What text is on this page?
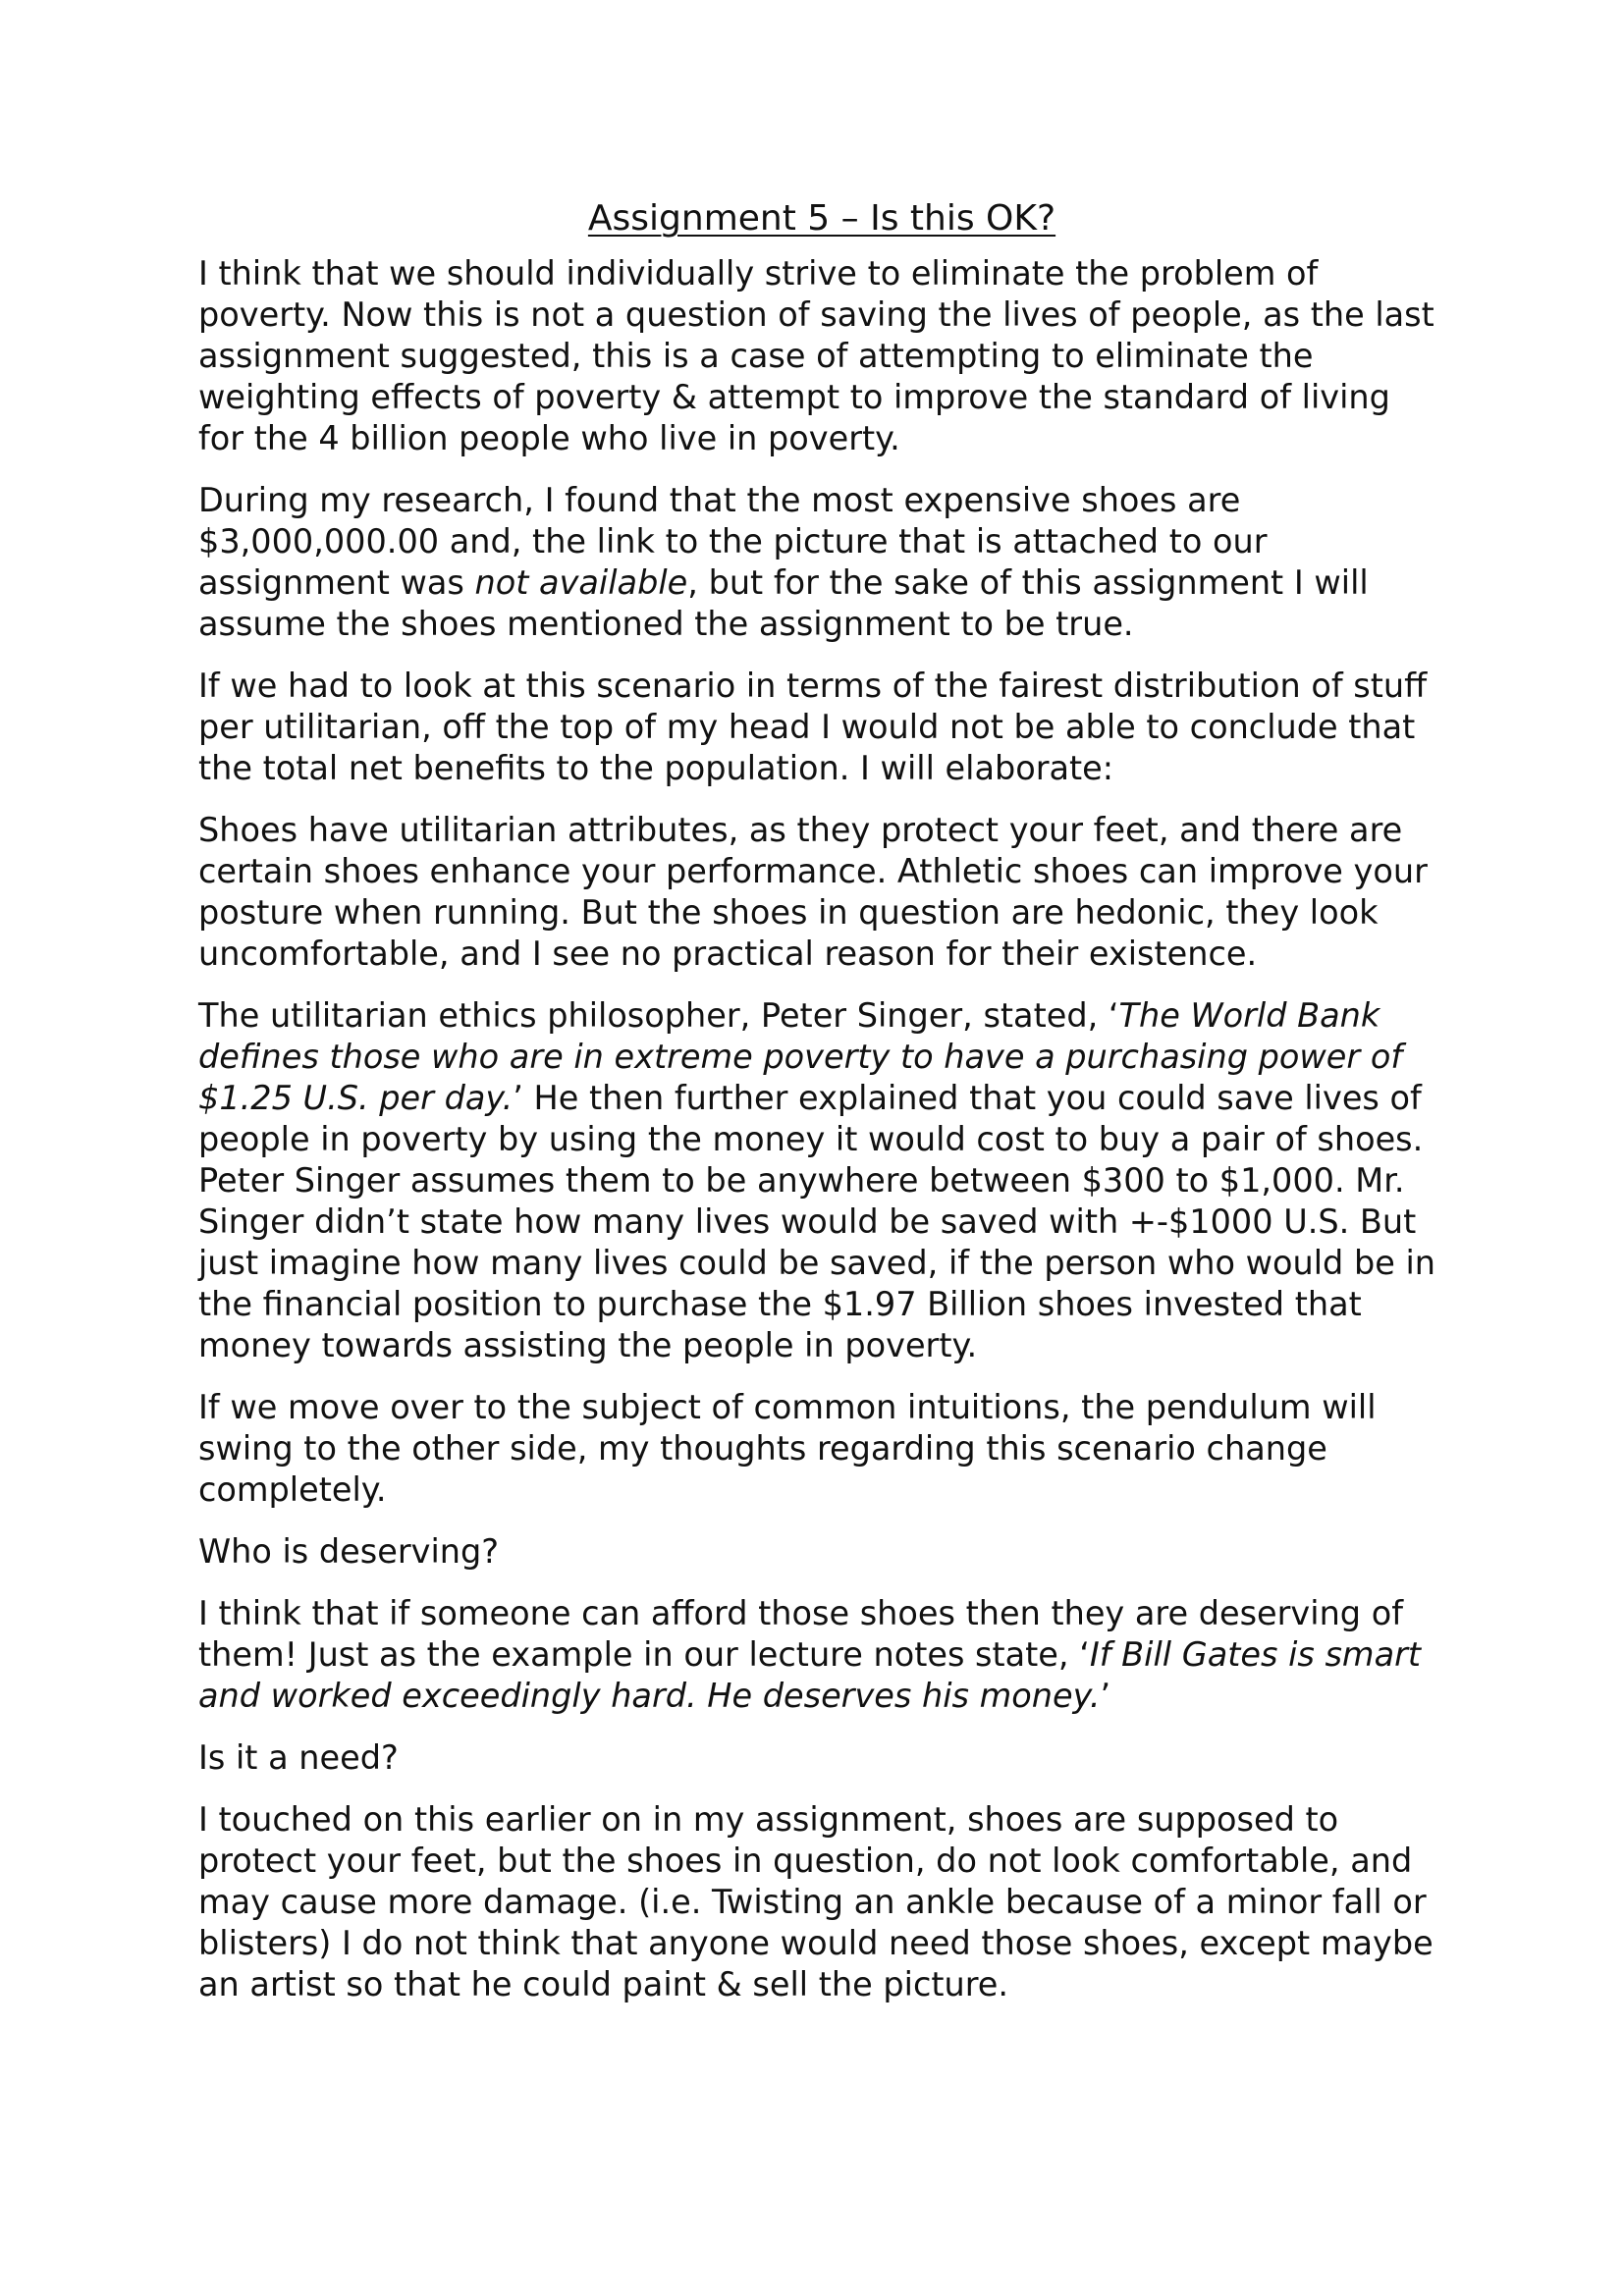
Assignment 5 – Is this OK?

I think that we should individually strive to eliminate the problem of poverty. Now this is not a question of saving the lives of people, as the last assignment suggested, this is a case of attempting to eliminate the weighting effects of poverty & attempt to improve the standard of living for the 4 billion people who live in poverty.

During my research, I found that the most expensive shoes are $3,000,000.00 and, the link to the picture that is attached to our assignment was not available, but for the sake of this assignment I will assume the shoes mentioned the assignment to be true.

If we had to look at this scenario in terms of the fairest distribution of stuff per utilitarian, off the top of my head I would not be able to conclude that the total net benefits to the population. I will elaborate:

Shoes have utilitarian attributes, as they protect your feet, and there are certain shoes enhance your performance. Athletic shoes can improve your posture when running. But the shoes in question are hedonic, they look uncomfortable, and I see no practical reason for their existence.

The utilitarian ethics philosopher, Peter Singer, stated, ‘The World Bank defines those who are in extreme poverty to have a purchasing power of $1.25 U.S. per day.’ He then further explained that you could save lives of people in poverty by using the money it would cost to buy a pair of shoes. Peter Singer assumes them to be anywhere between $300 to $1,000. Mr. Singer didn’t state how many lives would be saved with +-$1000 U.S. But just imagine how many lives could be saved, if the person who would be in the financial position to purchase the $1.97 Billion shoes invested that money towards assisting the people in poverty.

If we move over to the subject of common intuitions, the pendulum will swing to the other side, my thoughts regarding this scenario change completely.

Who is deserving?

I think that if someone can afford those shoes then they are deserving of them! Just as the example in our lecture notes state, ‘If Bill Gates is smart and worked exceedingly hard. He deserves his money.’

Is it a need?

I touched on this earlier on in my assignment, shoes are supposed to protect your feet, but the shoes in question, do not look comfortable, and may cause more damage. (i.e. Twisting an ankle because of a minor fall or blisters) I do not think that anyone would need those shoes, except maybe an artist so that he could paint & sell the picture.
